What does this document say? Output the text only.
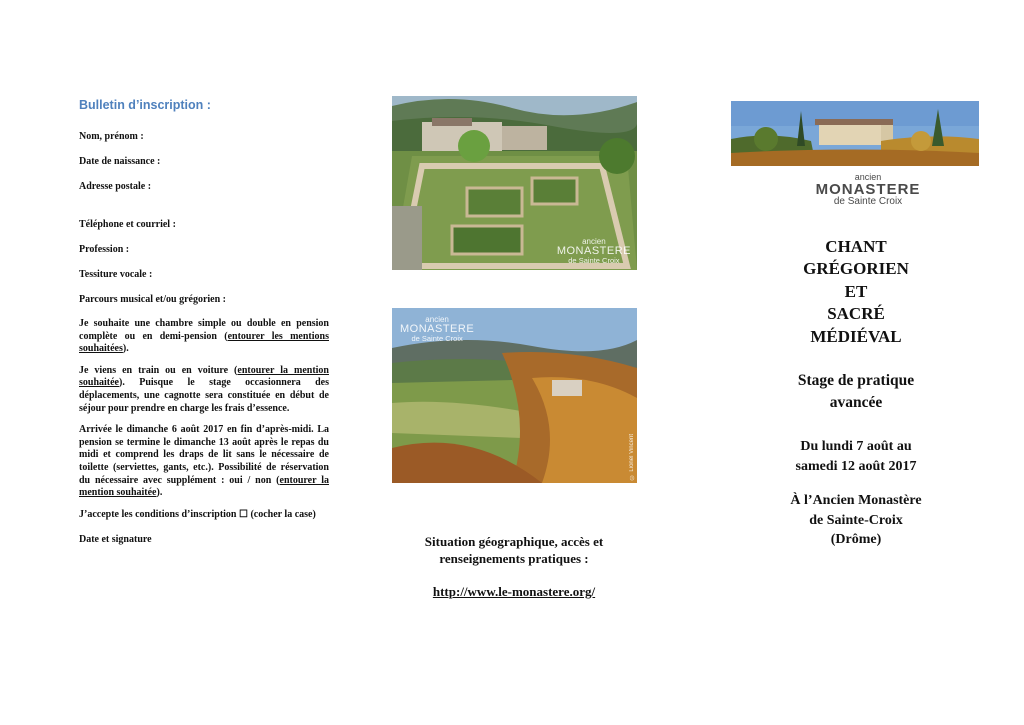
Bulletin d’inscription :
Nom, prénom :
Date de naissance :
Adresse postale :
Téléphone et courriel :
Profession :
Tessiture vocale :
Parcours musical et/ou grégorien :
Je souhaite une chambre simple ou double en pension complète ou en demi-pension (entourer les mentions souhaitées).
Je viens en train ou en voiture (entourer la mention souhaitée). Puisque le stage occasionnera des déplacements, une cagnotte sera constituée en début de séjour pour prendre en charge les frais d’essence.
Arrivée le dimanche 6 août 2017 en fin d’après-midi. La pension se termine le dimanche 13 août après le repas du midi et comprend les draps de lit sans le nécessaire de toilette (serviettes, gants, etc.). Possibilité de réservation du nécessaire avec supplément : oui / non (entourer la mention souhaitée).
J’accepte les conditions d’inscription ☐ (cocher la case)
Date et signature
ancien
MONASTERE
de Sainte Croix
ancien
MONASTERE
de Sainte Croix
© Lionel Vincent
Situation géographique, accès et
renseignements pratiques :
http://www.le-monastere.org/
ancien
MONASTERE
de Sainte Croix
CHANT
GRÉGORIEN
ET
SACRÉ
MÉDIÉVAL
Stage de pratique
avancée
Du lundi 7 août au
samedi 12 août 2017
À l’Ancien Monastère
de Sainte-Croix
(Drôme)
